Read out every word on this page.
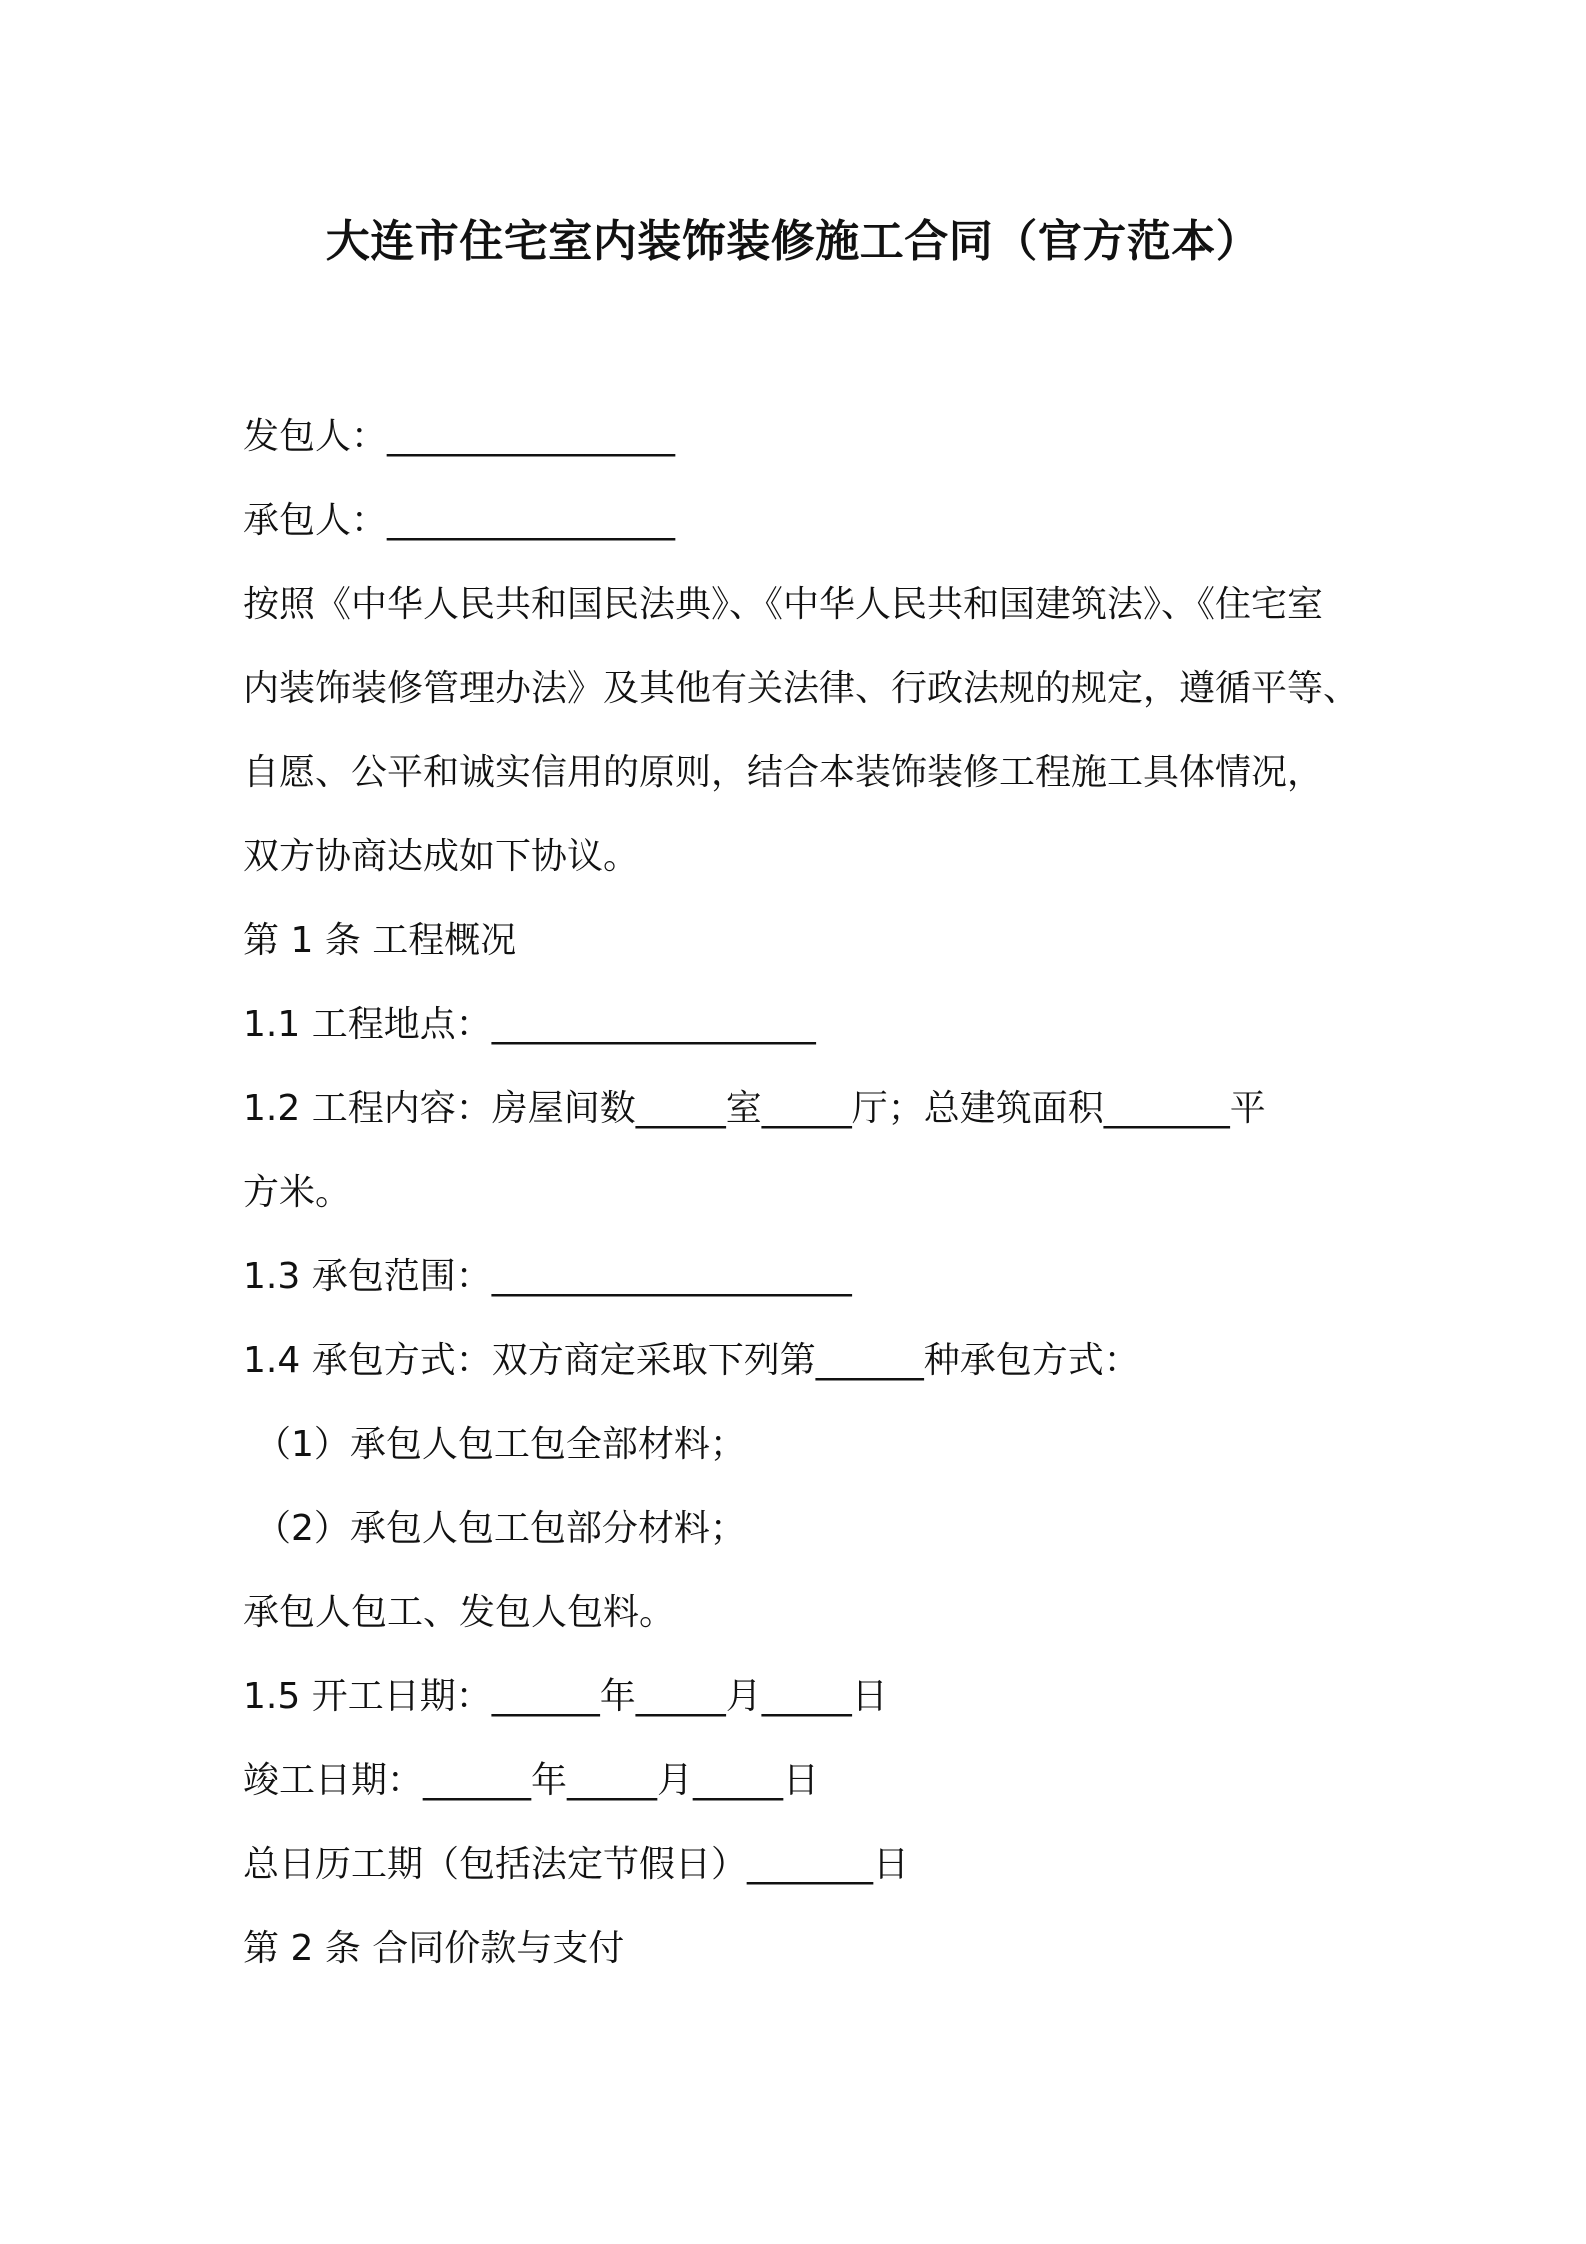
大连市住宅室内装饰装修施工合同（官方范本）
发包人：________________
承包人：________________
按照《中华人民共和国民法典》、《中华人民共和国建筑法》、《住宅室
内装饰装修管理办法》及其他有关法律、行政法规的规定，遵循平等、
自愿、公平和诚实信用的原则，结合本装饰装修工程施工具体情况，
双方协商达成如下协议。
第 1 条 工程概况
1.1 工程地点：__________________
1.2 工程内容：房屋间数_____室_____厅；总建筑面积_______平
方米。
1.3 承包范围：____________________
1.4 承包方式：双方商定采取下列第______种承包方式：
（1）承包人包工包全部材料；
（2）承包人包工包部分材料；
承包人包工、发包人包料。
1.5 开工日期：______年_____月_____日
竣工日期：______年_____月_____日
总日历工期（包括法定节假日）_______日
第 2 条 合同价款与支付
